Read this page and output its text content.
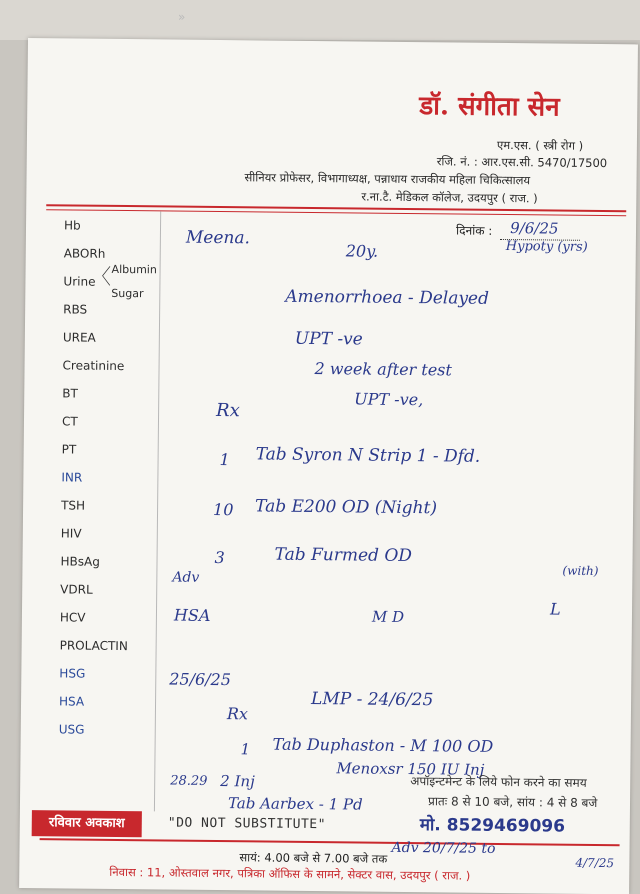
»
डॉ. संगीता सेन
एम.एस. ( स्त्री रोग )
रजि. नं. : आर.एस.सी. 5470/17500
सीनियर प्रोफेसर, विभागाध्यक्ष, पन्नाधाय राजकीय महिला चिकित्सालय
र.ना.टै. मेडिकल कॉलेज, उदयपुर ( राज. )
दिनांक : 9/6/25
Hb
ABORh
Urine
Albumin
Sugar
RBS
UREA
Creatinine
BT
CT
PT
INR
TSH
HIV
HBsAg
VDRL
HCV
PROLACTIN
HSG
HSA
USG
Meena.
20y.	Hypoty (yrs)
Amenorrhoea - Delayed
UPT -ve
2 week after test
UPT -ve,
Rx
1 Tab Syron N Strip 1 - Dfd.
10 Tab E200 OD (Night)
3	Tab Furmed OD
(with)
Adv
HSA	M D	L
25/6/25
LMP - 24/6/25
Rx
1 Tab Duphaston - M 100 OD
Menoxsr 150 IU Inj
28.29 2 Inj
Tab Aarbex - 1 Pd
अपॉइन्टमेन्ट के लिये फोन करने का समय
प्रातः 8 से 10 बजे, सांय : 4 से 8 बजे
रविवार अवकाश	"DO NOT SUBSTITUTE"	मो. 8529469096
Adv 20/7/25 to
4/7/25
सायं: 4.00 बजे से 7.00 बजे तक
निवास : 11, ओस्तवाल नगर, पत्रिका ऑफिस के सामने, सेक्टर वास, उदयपुर ( राज. )
